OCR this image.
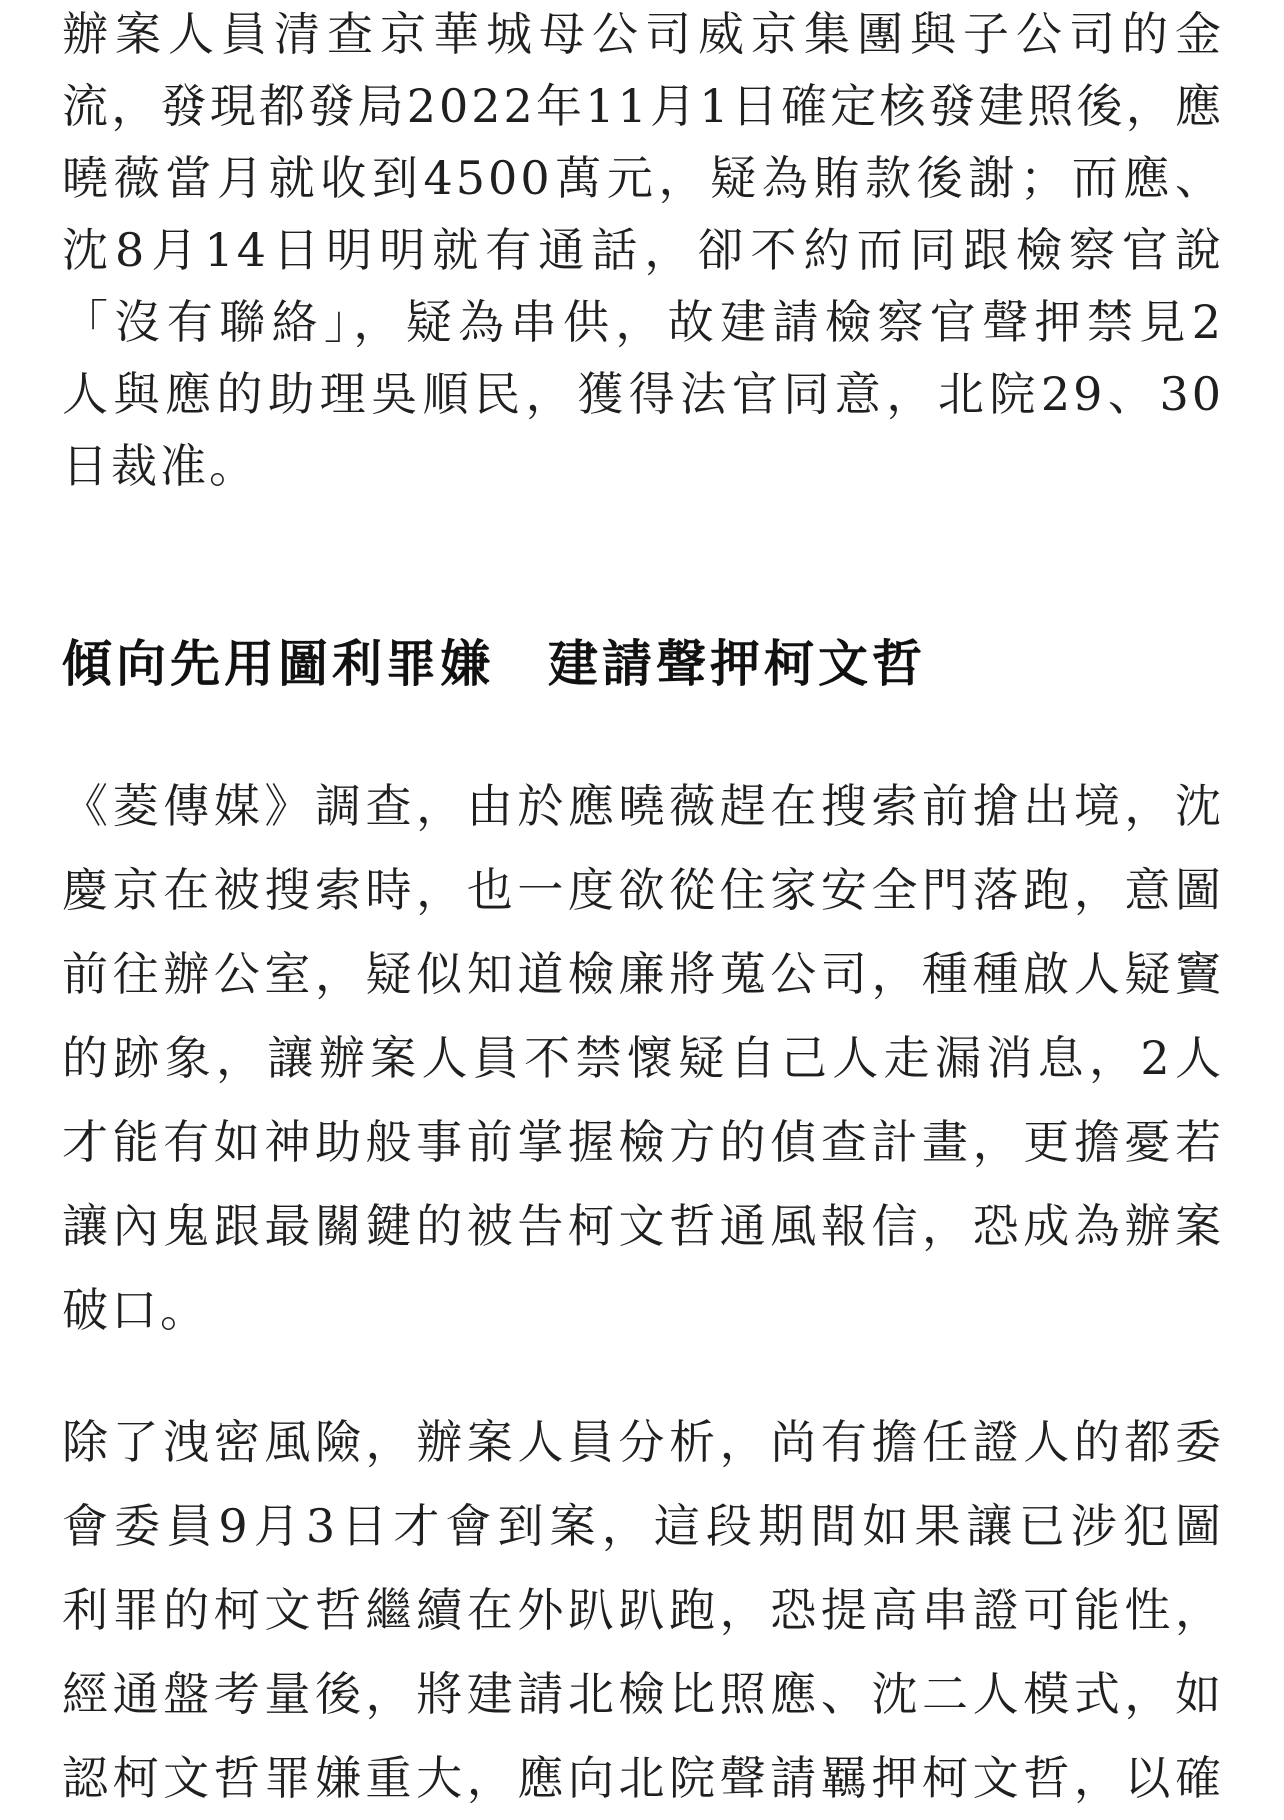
辦案人員清查京華城母公司威京集團與子公司的金
流，發現都發局2022年11月1日確定核發建照後，應
曉薇當月就收到4500萬元，疑為賄款後謝；而應、
沈8月14日明明就有通話，卻不約而同跟檢察官說
「沒有聯絡」，疑為串供，故建請檢察官聲押禁見2
人與應的助理吳順民，獲得法官同意，北院29、30
日裁准。
傾向先用圖利罪嫌　建請聲押柯文哲
《菱傳媒》調查，由於應曉薇趕在搜索前搶出境，沈
慶京在被搜索時，也一度欲從住家安全門落跑，意圖
前往辦公室，疑似知道檢廉將蒐公司，種種啟人疑竇
的跡象，讓辦案人員不禁懷疑自己人走漏消息，2人
才能有如神助般事前掌握檢方的偵查計畫，更擔憂若
讓內鬼跟最關鍵的被告柯文哲通風報信，恐成為辦案
破口。
除了洩密風險，辦案人員分析，尚有擔任證人的都委
會委員9月3日才會到案，這段期間如果讓已涉犯圖
利罪的柯文哲繼續在外趴趴跑，恐提高串證可能性，
經通盤考量後，將建請北檢比照應、沈二人模式，如
認柯文哲罪嫌重大，應向北院聲請羈押柯文哲，以確
